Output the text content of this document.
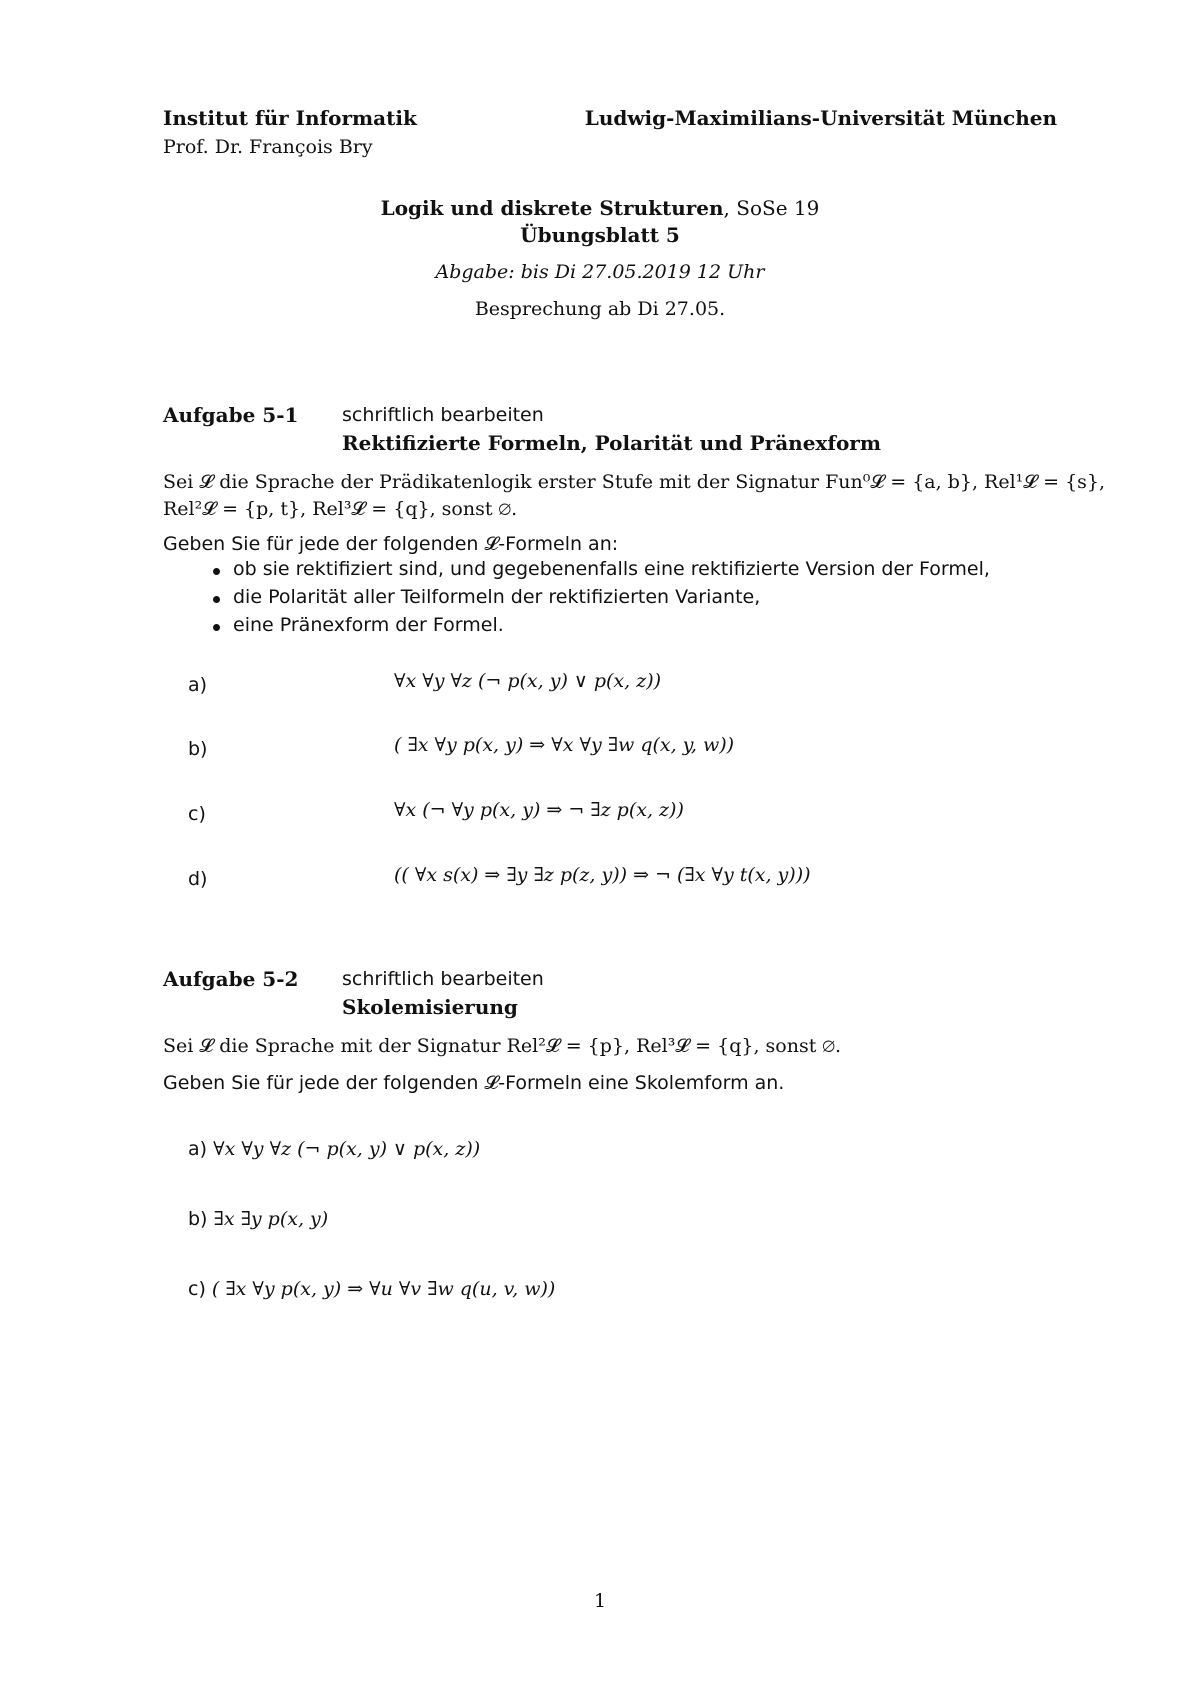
Institut für Informatik	Ludwig-Maximilians-Universität München
Prof. Dr. François Bry
Logik und diskrete Strukturen, SoSe 19
Übungsblatt 5
Abgabe: bis Di 27.05.2019 12 Uhr
Besprechung ab Di 27.05.
Aufgabe 5-1 schriftlich bearbeiten
Rektifizierte Formeln, Polarität und Pränexform
Sei 𝓛 die Sprache der Prädikatenlogik erster Stufe mit der Signatur Fun⁰𝓛 = {a, b}, Rel¹𝓛 = {s},
Rel²𝓛 = {p, t}, Rel³𝓛 = {q}, sonst ∅.
Geben Sie für jede der folgenden 𝓛-Formeln an:
ob sie rektifiziert sind, und gegebenenfalls eine rektifizierte Version der Formel,
die Polarität aller Teilformeln der rektifizierten Variante,
eine Pränexform der Formel.
a)	∀x ∀y ∀z (¬ p(x, y) ∨ p(x, z))
b)	( ∃x ∀y p(x, y) ⇒ ∀x ∀y ∃w q(x, y, w))
c)	∀x (¬ ∀y p(x, y) ⇒ ¬ ∃z p(x, z))
d)	(( ∀x s(x) ⇒ ∃y ∃z p(z, y)) ⇒ ¬ (∃x ∀y t(x, y)))
Aufgabe 5-2 schriftlich bearbeiten
Skolemisierung
Sei 𝓛 die Sprache mit der Signatur Rel²𝓛 = {p}, Rel³𝓛 = {q}, sonst ∅.
Geben Sie für jede der folgenden 𝓛-Formeln eine Skolemform an.
a) ∀x ∀y ∀z (¬ p(x, y) ∨ p(x, z))
b) ∃x ∃y p(x, y)
c) ( ∃x ∀y p(x, y) ⇒ ∀u ∀v ∃w q(u, v, w))
1
